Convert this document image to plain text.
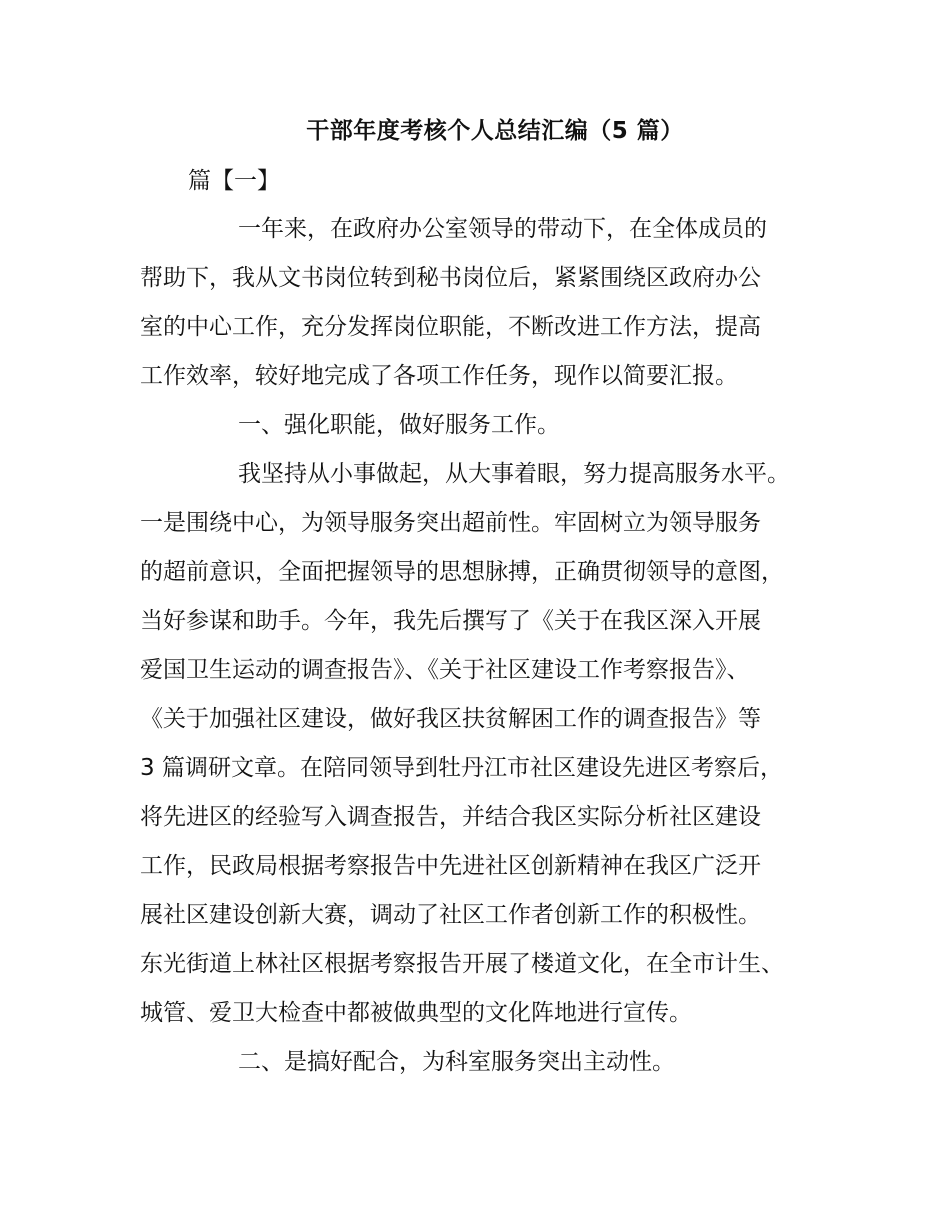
干部年度考核个人总结汇编（5 篇）
篇【一】
一年来，在政府办公室领导的带动下，在全体成员的
帮助下，我从文书岗位转到秘书岗位后，紧紧围绕区政府办公
室的中心工作，充分发挥岗位职能，不断改进工作方法，提高
工作效率，较好地完成了各项工作任务，现作以简要汇报。
一、强化职能，做好服务工作。
我坚持从小事做起，从大事着眼，努力提高服务水平。
一是围绕中心，为领导服务突出超前性。牢固树立为领导服务
的超前意识，全面把握领导的思想脉搏，正确贯彻领导的意图，
当好参谋和助手。今年，我先后撰写了《关于在我区深入开展
爱国卫生运动的调查报告》、《关于社区建设工作考察报告》、
《关于加强社区建设，做好我区扶贫解困工作的调查报告》等
3 篇调研文章。在陪同领导到牡丹江市社区建设先进区考察后，
将先进区的经验写入调查报告，并结合我区实际分析社区建设
工作，民政局根据考察报告中先进社区创新精神在我区广泛开
展社区建设创新大赛，调动了社区工作者创新工作的积极性。
东光街道上林社区根据考察报告开展了楼道文化，在全市计生、
城管、爱卫大检查中都被做典型的文化阵地进行宣传。
二、是搞好配合，为科室服务突出主动性。
